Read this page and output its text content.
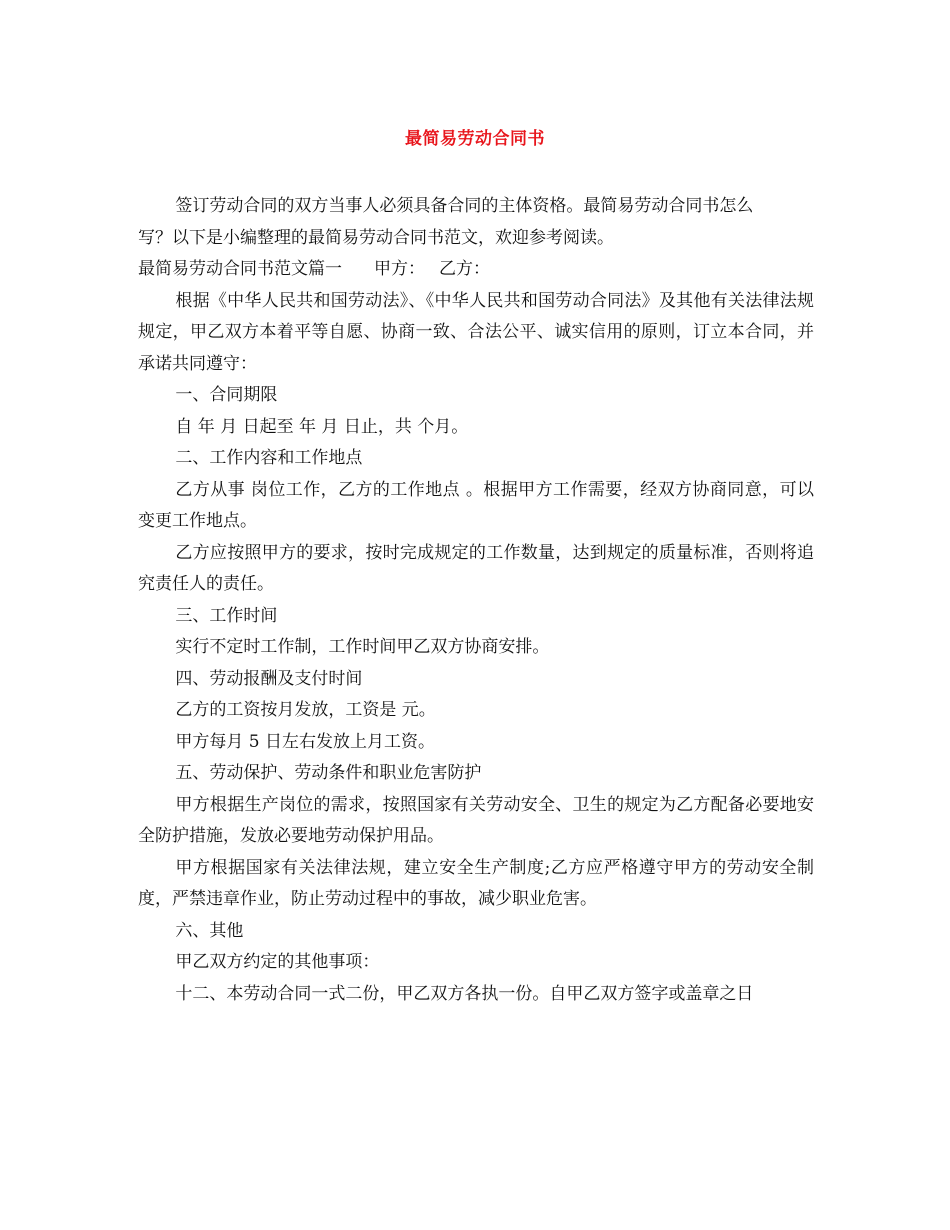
最简易劳动合同书

签订劳动合同的双方当事人必须具备合同的主体资格。最简易劳动合同书怎么

写？以下是小编整理的最简易劳动合同书范文，欢迎参考阅读。

最简易劳动合同书范文篇一 甲方： 乙方：

根据《中华人民共和国劳动法》、《中华人民共和国劳动合同法》及其他有关法律法规规定，甲乙双方本着平等自愿、协商一致、合法公平、诚实信用的原则，订立本合同，并承诺共同遵守：

一、合同期限

自 年 月 日起至 年 月 日止，共 个月。

二、工作内容和工作地点

乙方从事 岗位工作，乙方的工作地点 。根据甲方工作需要，经双方协商同意，可以变更工作地点。

乙方应按照甲方的要求，按时完成规定的工作数量，达到规定的质量标准，否则将追究责任人的责任。

三、工作时间

实行不定时工作制，工作时间甲乙双方协商安排。

四、劳动报酬及支付时间

乙方的工资按月发放，工资是 元。

甲方每月 5 日左右发放上月工资。

五、劳动保护、劳动条件和职业危害防护

甲方根据生产岗位的需求，按照国家有关劳动安全、卫生的规定为乙方配备必要地安全防护措施，发放必要地劳动保护用品。

甲方根据国家有关法律法规，建立安全生产制度;乙方应严格遵守甲方的劳动安全制度，严禁违章作业，防止劳动过程中的事故，减少职业危害。

六、其他

甲乙双方约定的其他事项：

十二、本劳动合同一式二份，甲乙双方各执一份。自甲乙双方签字或盖章之日
